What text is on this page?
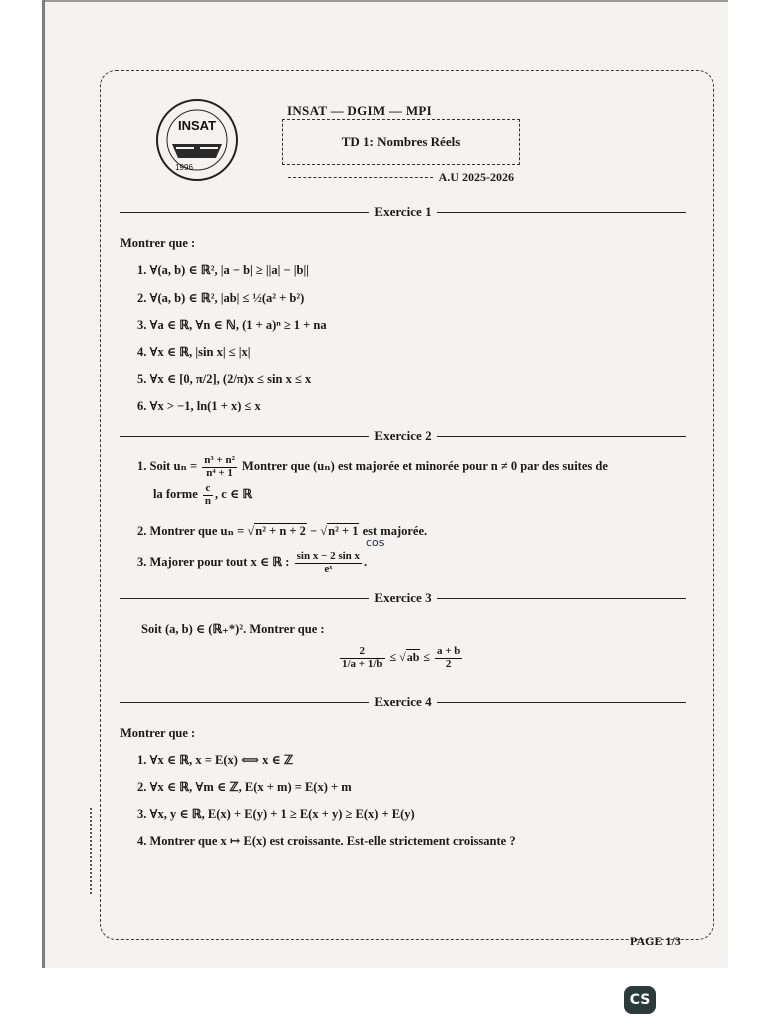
INSAT
1996
INSAT — DGIM — MPI
TD 1: Nombres Réels
A.U 2025-2026
Exercice 1
Montrer que :
1. ∀(a, b) ∈ ℝ², |a − b| ≥ ||a| − |b||
2. ∀(a, b) ∈ ℝ², |ab| ≤ ½(a² + b²)
3. ∀a ∈ ℝ, ∀n ∈ ℕ, (1 + a)ⁿ ≥ 1 + na
4. ∀x ∈ ℝ, |sin x| ≤ |x|
5. ∀x ∈ [0, π/2], (2/π)x ≤ sin x ≤ x
6. ∀x > −1, ln(1 + x) ≤ x
Exercice 2
1. Soit $u_n = \frac{\text{n³ + n²}}{\text{n⁴ + 1}}$ Montrer que (uₙ) est majorée et minorée pour n ≠ 0 par des suites de
la forme $\frac{c}{n}$ , c ∈ ℝ
2. Montrer que uₙ = √n² + n + 2 − √n² + 1 est majorée.
cos
3. Majorer pour tout x ∈ ℝ : $\frac{\text{sin x − 2 sin x}}{\text{eˣ}}$ .
Exercice 3
Soit (a, b) ∈ (ℝ₊*)². Montrer que :
$\frac{2}{1/a + 1/b} \le √ab \le \frac{a + b}{2}$
Exercice 4
Montrer que :
1. ∀x ∈ ℝ, x = E(x) ⟺ x ∈ ℤ
2. ∀x ∈ ℝ, ∀m ∈ ℤ, E(x + m) = E(x) + m
3. ∀x, y ∈ ℝ, E(x) + E(y) + 1 ≥ E(x + y) ≥ E(x) + E(y)
4. Montrer que x ↦ E(x) est croissante. Est-elle strictement croissante ?
PAGE 1/3
CS
